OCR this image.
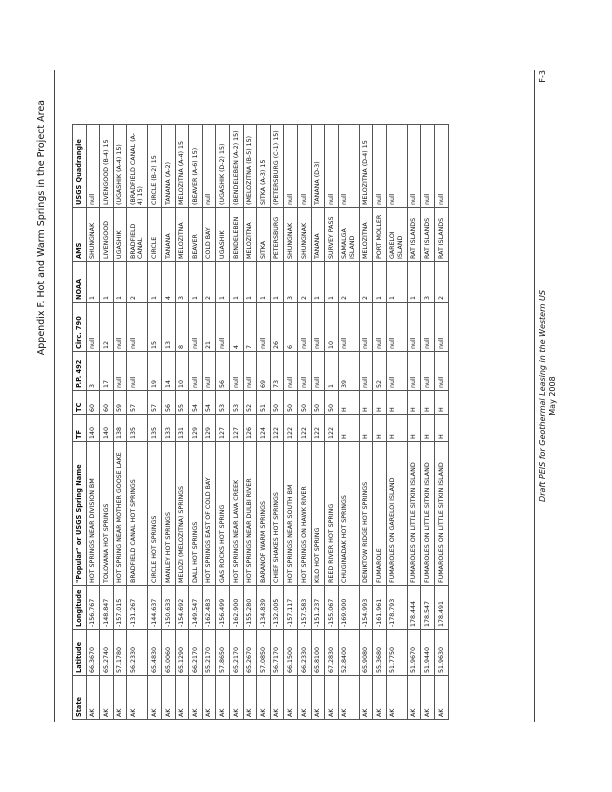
Appendix F. Hot and Warm Springs in the Project Area
State	Latitude	Longitude	"Popular" or USGS Spring Name	TF	TC	P.P. 492	Circ. 790	NOAA	AMS	USGS Quadrangle
AK	66.3670	-156.767	HOT SPRINGS NEAR DIVISION BM	140	60	3	null	1	SHUNGNAK	null
AK	65.2740	-148.847	TOLOVANA HOT SPRINGS	140	60	17	12	1	LIVENGOOD	LIVENGOOD (B-4) 15
AK	57.1780	-157.015	HOT SPRING NEAR MOTHER GOOSE LAKE	138	59	null	null	1	UGASHIK	(UGASHIK (A-4) 15)
AK	56.2330	-131.267	BRADFIELD CANAL HOT SPRINGS	135	57	null	null	2	BRADFIELD CANAL	(BRADFIELD CANAL (A-4) 15)
AK	65.4830	-144.637	CIRCLE HOT SPRINGS	135	57	19	15	1	CIRCLE	CIRCLE (B-2) 15
AK	65.0060	-150.633	MANLEY HOT SPRINGS	133	56	14	13	4	TANANA	TANANA (A-2)
AK	65.1290	-154.692	MELOZI (MELOZITNA) SPRINGS	131	55	10	8	3	MELOZITNA	MELOZITNA (A-4) 15
AK	66.2170	-149.547	DALL HOT SPRINGS	129	54	null	null	1	BEAVER	(BEAVER (A-6) 15)
AK	55.2170	-162.483	HOT SPRINGS EAST OF COLD BAY	129	54	null	21	2	COLD BAY	null
AK	57.8650	-156.499	GAS ROCKS HOT SPRING	127	53	56	null	1	UGASHIK	(UGASHIK (D-2) 15)
AK	65.2170	-162.900	HOT SPRINGS NEAR LAVA CREEK	127	53	null	4	1	BENDELEBEN	(BENDELEBEN (A-2) 15)
AK	65.2670	-155.280	HOT SPRINGS NEAR DULBI RIVER	126	52	null	7	1	MELOZITNA	(MELOZITNA (B-5) 15)
AK	57.0850	-134.839	BARANOF WARM SPRINGS	124	51	69	null	1	SITKA	SITKA (A-3) 15
AK	56.7170	-132.005	CHIEF SHAKES HOT SPRINGS	122	50	73	26	1	PETERSBURG	(PETERSBURG (C-1) 15)
AK	66.1500	-157.117	HOT SPRINGS NEAR SOUTH BM	122	50	null	6	3	SHUNGNAK	null
AK	66.2330	-157.583	HOT SPRINGS ON HAWK RIVER	122	50	null	null	2	SHUNGNAK	null
AK	65.8100	-151.237	KILO HOT SPRING	122	50	null	null	1	TANANA	TANANA (D-3)
AK	67.2830	-155.067	REED RIVER HOT SPRING	122	50	1	10	1	SURVEY PASS	null
AK	52.8400	-169.900	CHUGINADAK HOT SPRINGS	H	H	39	null	2	SAMALGA ISLAND	null
AK	65.9080	-154.993	DENIKTOW RIDGE HOT SPRINGS	H	H	null	null	2	MELOZITNA	MELOZITNA (D-4) 15
AK	55.3680	-161.961	FUMAROLE	H	H	52	null	1	PORT MOLLER	null
AK	51.7750	-178.793	FUMAROLES ON GARELOI ISLAND	H	H	null	null	1	GARELOI ISLAND	null
AK	51.9670	178.444	FUMAROLES ON LITTLE SITKIN ISLAND	H	H	null	null	1	RAT ISLANDS	null
AK	51.9440	178.547	FUMAROLES ON LITTLE SITKIN ISLAND	H	H	null	null	3	RAT ISLANDS	null
AK	51.9630	178.491	FUMAROLES ON LITTLE SITKIN ISLAND	H	H	null	null	2	RAT ISLANDS	null
Draft PEIS for Geothermal Leasing in the Western US May 2008
F-3
